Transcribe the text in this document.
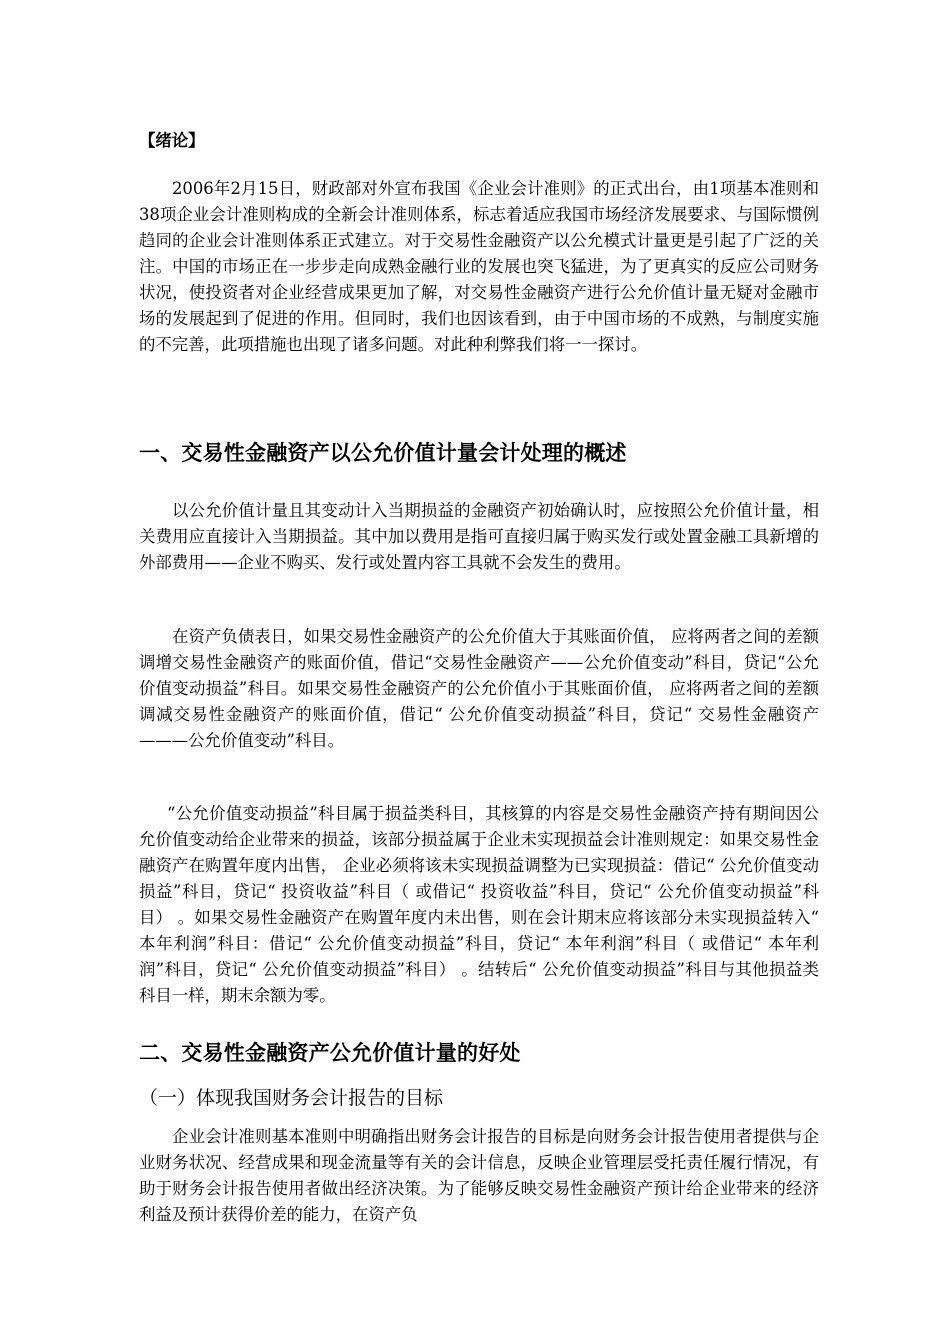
【绪论】

2006年2月15日，财政部对外宣布我国《企业会计准则》的正式出台，由1项基本准则和38项企业会计准则构成的全新会计准则体系，标志着适应我国市场经济发展要求、与国际惯例趋同的企业会计准则体系正式建立。对于交易性金融资产以公允模式计量更是引起了广泛的关注。中国的市场正在一步步走向成熟金融行业的发展也突飞猛进，为了更真实的反应公司财务状况，使投资者对企业经营成果更加了解，对交易性金融资产进行公允价值计量无疑对金融市场的发展起到了促进的作用。但同时，我们也因该看到，由于中国市场的不成熟，与制度实施的不完善，此项措施也出现了诸多问题。对此种利弊我们将一一探讨。

一、交易性金融资产以公允价值计量会计处理的概述

以公允价值计量且其变动计入当期损益的金融资产初始确认时，应按照公允价值计量，相关费用应直接计入当期损益。其中加以费用是指可直接归属于购买发行或处置金融工具新增的外部费用——企业不购买、发行或处置内容工具就不会发生的费用。

在资产负债表日，如果交易性金融资产的公允价值大于其账面价值， 应将两者之间的差额调增交易性金融资产的账面价值，借记“交易性金融资产——公允价值变动”科目，贷记“公允价值变动损益”科目。如果交易性金融资产的公允价值小于其账面价值， 应将两者之间的差额调减交易性金融资产的账面价值，借记“ 公允价值变动损益”科目，贷记“ 交易性金融资产———公允价值变动”科目。

“公允价值变动损益”科目属于损益类科目，其核算的内容是交易性金融资产持有期间因公允价值变动给企业带来的损益，该部分损益属于企业未实现损益会计准则规定：如果交易性金融资产在购置年度内出售， 企业必须将该未实现损益调整为已实现损益：借记“ 公允价值变动损益”科目，贷记“ 投资收益”科目（ 或借记“ 投资收益”科目，贷记“ 公允价值变动损益”科目） 。如果交易性金融资产在购置年度内未出售，则在会计期末应将该部分未实现损益转入“ 本年利润”科目：借记“ 公允价值变动损益”科目，贷记“ 本年利润”科目（ 或借记“ 本年利润”科目，贷记“ 公允价值变动损益”科目） 。结转后“ 公允价值变动损益”科目与其他损益类科目一样，期末余额为零。

二、交易性金融资产公允价值计量的好处
（一）体现我国财务会计报告的目标

企业会计准则基本准则中明确指出财务会计报告的目标是向财务会计报告使用者提供与企业财务状况、经营成果和现金流量等有关的会计信息，反映企业管理层受托责任履行情况，有助于财务会计报告使用者做出经济决策。为了能够反映交易性金融资产预计给企业带来的经济利益及预计获得价差的能力，在资产负
